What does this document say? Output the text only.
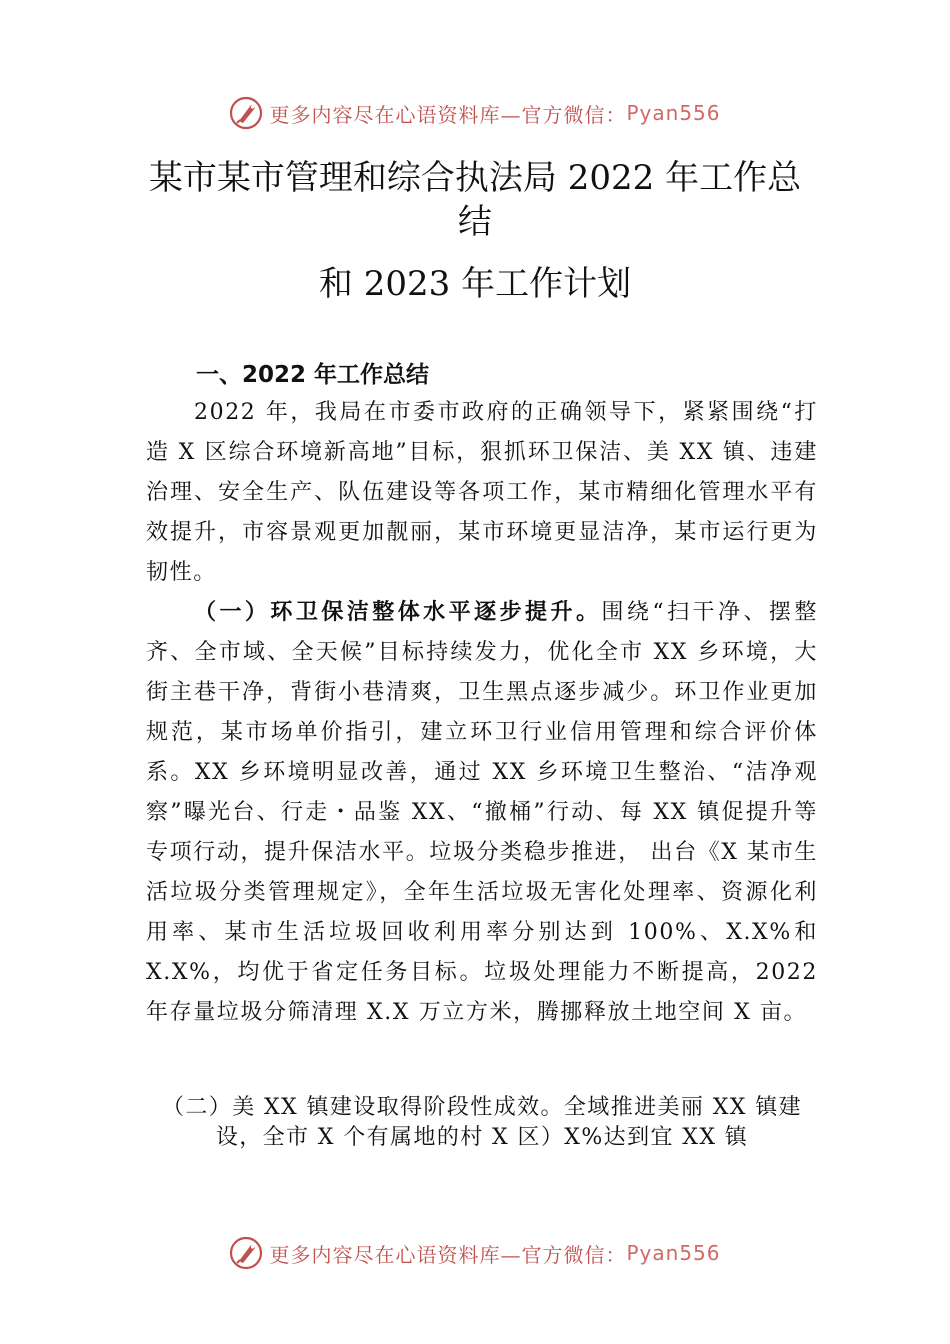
更多内容尽在心语资料库—官方微信： Pyan556
某市某市管理和综合执法局 2022 年工作总结
和 2023 年工作计划
一、2022 年工作总结

2022 年，我局在市委市政府的正确领导下，紧紧围绕“打造 X 区综合环境新高地”目标，狠抓环卫保洁、美 XX 镇、违建治理、安全生产、队伍建设等各项工作，某市精细化管理水平有效提升，市容景观更加靓丽，某市环境更显洁净，某市运行更为韧性。

（一）环卫保洁整体水平逐步提升。围绕“扫干净、摆整齐、全市域、全天候”目标持续发力，优化全市 XX 乡环境，大街主巷干净，背街小巷清爽，卫生黑点逐步减少。环卫作业更加规范，某市场单价指引，建立环卫行业信用管理和综合评价体系。XX 乡环境明显改善，通过 XX 乡环境卫生整治、“洁净观察”曝光台、行走・品鉴 XX、“撤桶”行动、每 XX 镇促提升等专项行动，提升保洁水平。垃圾分类稳步推进， 出台《X 某市生活垃圾分类管理规定》，全年生活垃圾无害化处理率、资源化利用率、某市生活垃圾回收利用率分别达到 100%、X.X%和 X.X%，均优于省定任务目标。垃圾处理能力不断提高，2022 年存量垃圾分筛清理 X.X 万立方米，腾挪释放土地空间 X 亩。

（二）美 XX 镇建设取得阶段性成效。全域推进美丽 XX 镇建设，全市 X 个有属地的村 X 区）X%达到宜 XX 镇

更多内容尽在心语资料库—官方微信： Pyan556
